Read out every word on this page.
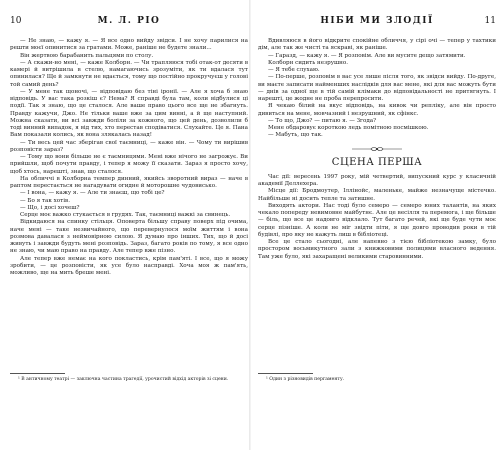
10	М. Л. РІО

— Не знаю, — кажу я. — Я все одно вийду звідси. І не хочу парилися на решти моєї опинитися за гратами. Може, раніше не будете знали...

Він жертвою барабанить пальцями по столу.

— А скажи-но мені, — каже Колборн. — Чи трапляюся тобі отак-от десяти в камері й витрішила в стелю, намагаючись зрозуміти, як ти вдалася тут опинилася? Ще й замкнути не вдається, тому що постійно прокручуєш у голові той самий день?

— У мене так щоночі, — відповідаю без тіні іронії. — Але я хоча б знаю відповідь. У вас така розкіш є? Нема? Я справді була там, коли відбулися ці події. Так я знаю, що це сталося. Але ваше право цього все ще не збагнуть. Правду кажучи, Джо. Не тільки ваше вже за цим винні, а й ще наступний. Можна сказати, ви всі завжди боліли за кожного, що цей день, дозволили б тоді винний випадок, я від тих, хто перестав сподіватися. Слухайте. Це я. Пана Вам показали колись, як вона злякалась назад!

— Ти весь цей час зберігав свої таємниці, — каже він. — Чому ти вирішив розповісти зараз?

— Тому що вони більше не є таємницями. Мені вже нічого не загрожує. Ви прийшли, щоб почути правду, і тепер я можу її сказати. Зараз я просто хочу, щоб хтось, нарешті, знав, що сталося.

На обличчі в Колборна темпер динний, якийсь зворотний вираз — наче в раптом перестається не нагадувати огидне й моторошне чудовисько.

— І вона, — кажу я. — Але ти знаєш, що тобі це?

— Бо я так хотів.

— Що, і досі хочеш?

Серце моє важко стукається в грудях. Так, таємниці важкі за свинець.

Відкидаюся на спинку стільця. Оповерта більшу справу поверх під очима, наче мені — таке незвичайного, що перевернулося моїм життям і вона розмова давалася з неймовірною силою. Я думаю про інших. Тих, що й досі живуть і завжди будуть мені розповідь. Зараз, багато років по тому, я все одно не знаю, чи маю право на правду. Але тепер вже пізно.

Але тепер вже немає на кого покластись, крім пам'яті. І все, що я можу зробити, — це розповісти, як усе було насправді. Хоча моя ж пам'ять, можливо, ще на мить бреше мені.

¹ В античному театрі — заключна частина трагедії, урочистий відхід акторів зі сцени.
НІБИ МИ ЗЛОДІЇ	11

Вдивляюся в його відкрите спокійне обличчя, у сірі очі — тепер у тахтики дім, але так же чисті та яскраві, як раніше.

— Гаразд, — кажу я. — Я розповім. Але ви мусите дещо затямити.

Колборн сидить незрушно.

— Я тебе слухаю.

— По-перше, розповім в вас усе лише після того, як звідси вийду. По-друге, ви маєте записати найменших наслідків для вас мене, які для вас можуть бути — днів за одної ще в тій самій клімаки до відповідальності не притягнуть. І нарешті, це жодне не проба перепросити.

Я чекаю білий на вкус відповідь, на кивок чи репліку, але він просто дивиться на мене, мовчазний і незрушний, як сфінкс.

— То що, Джо? — питаю я. — Згода?

Мене обдаровує короткою ледь помітною посмішкою.

— Мабуть, що так.

СЦЕНА ПЕРША

Час дії: вересень 1997 року, мій четвертий, випускний курс у класичній академії Деллехера.

Місце дії: Бродмоутер, Іллінойс, маленьке, майже незначуще містечко. Найбільше ні досить тепле та затишне.

Виходять актори. Нас тоді було семеро — семеро юних талантів, на яких чекало попереду невимовне майбутнє. Але це весілля та перемога, і ще більше — біль, що все це надовго відклало. Тут багато речей, які ще буде чути моє серце пізніше. А коли не міг звідти піти, я ще довго проводив роки в тій будівлі, про яку не кажуть лиш в бібліотеці.

Все це стало сьогодні, але напевно з тією бібліотекою замку, було простором восьмикутного зали з книжковими полицями власного ведення. Там уже було, які захаращені великими старовинними.

¹ Один з різновидів пергаменту.
